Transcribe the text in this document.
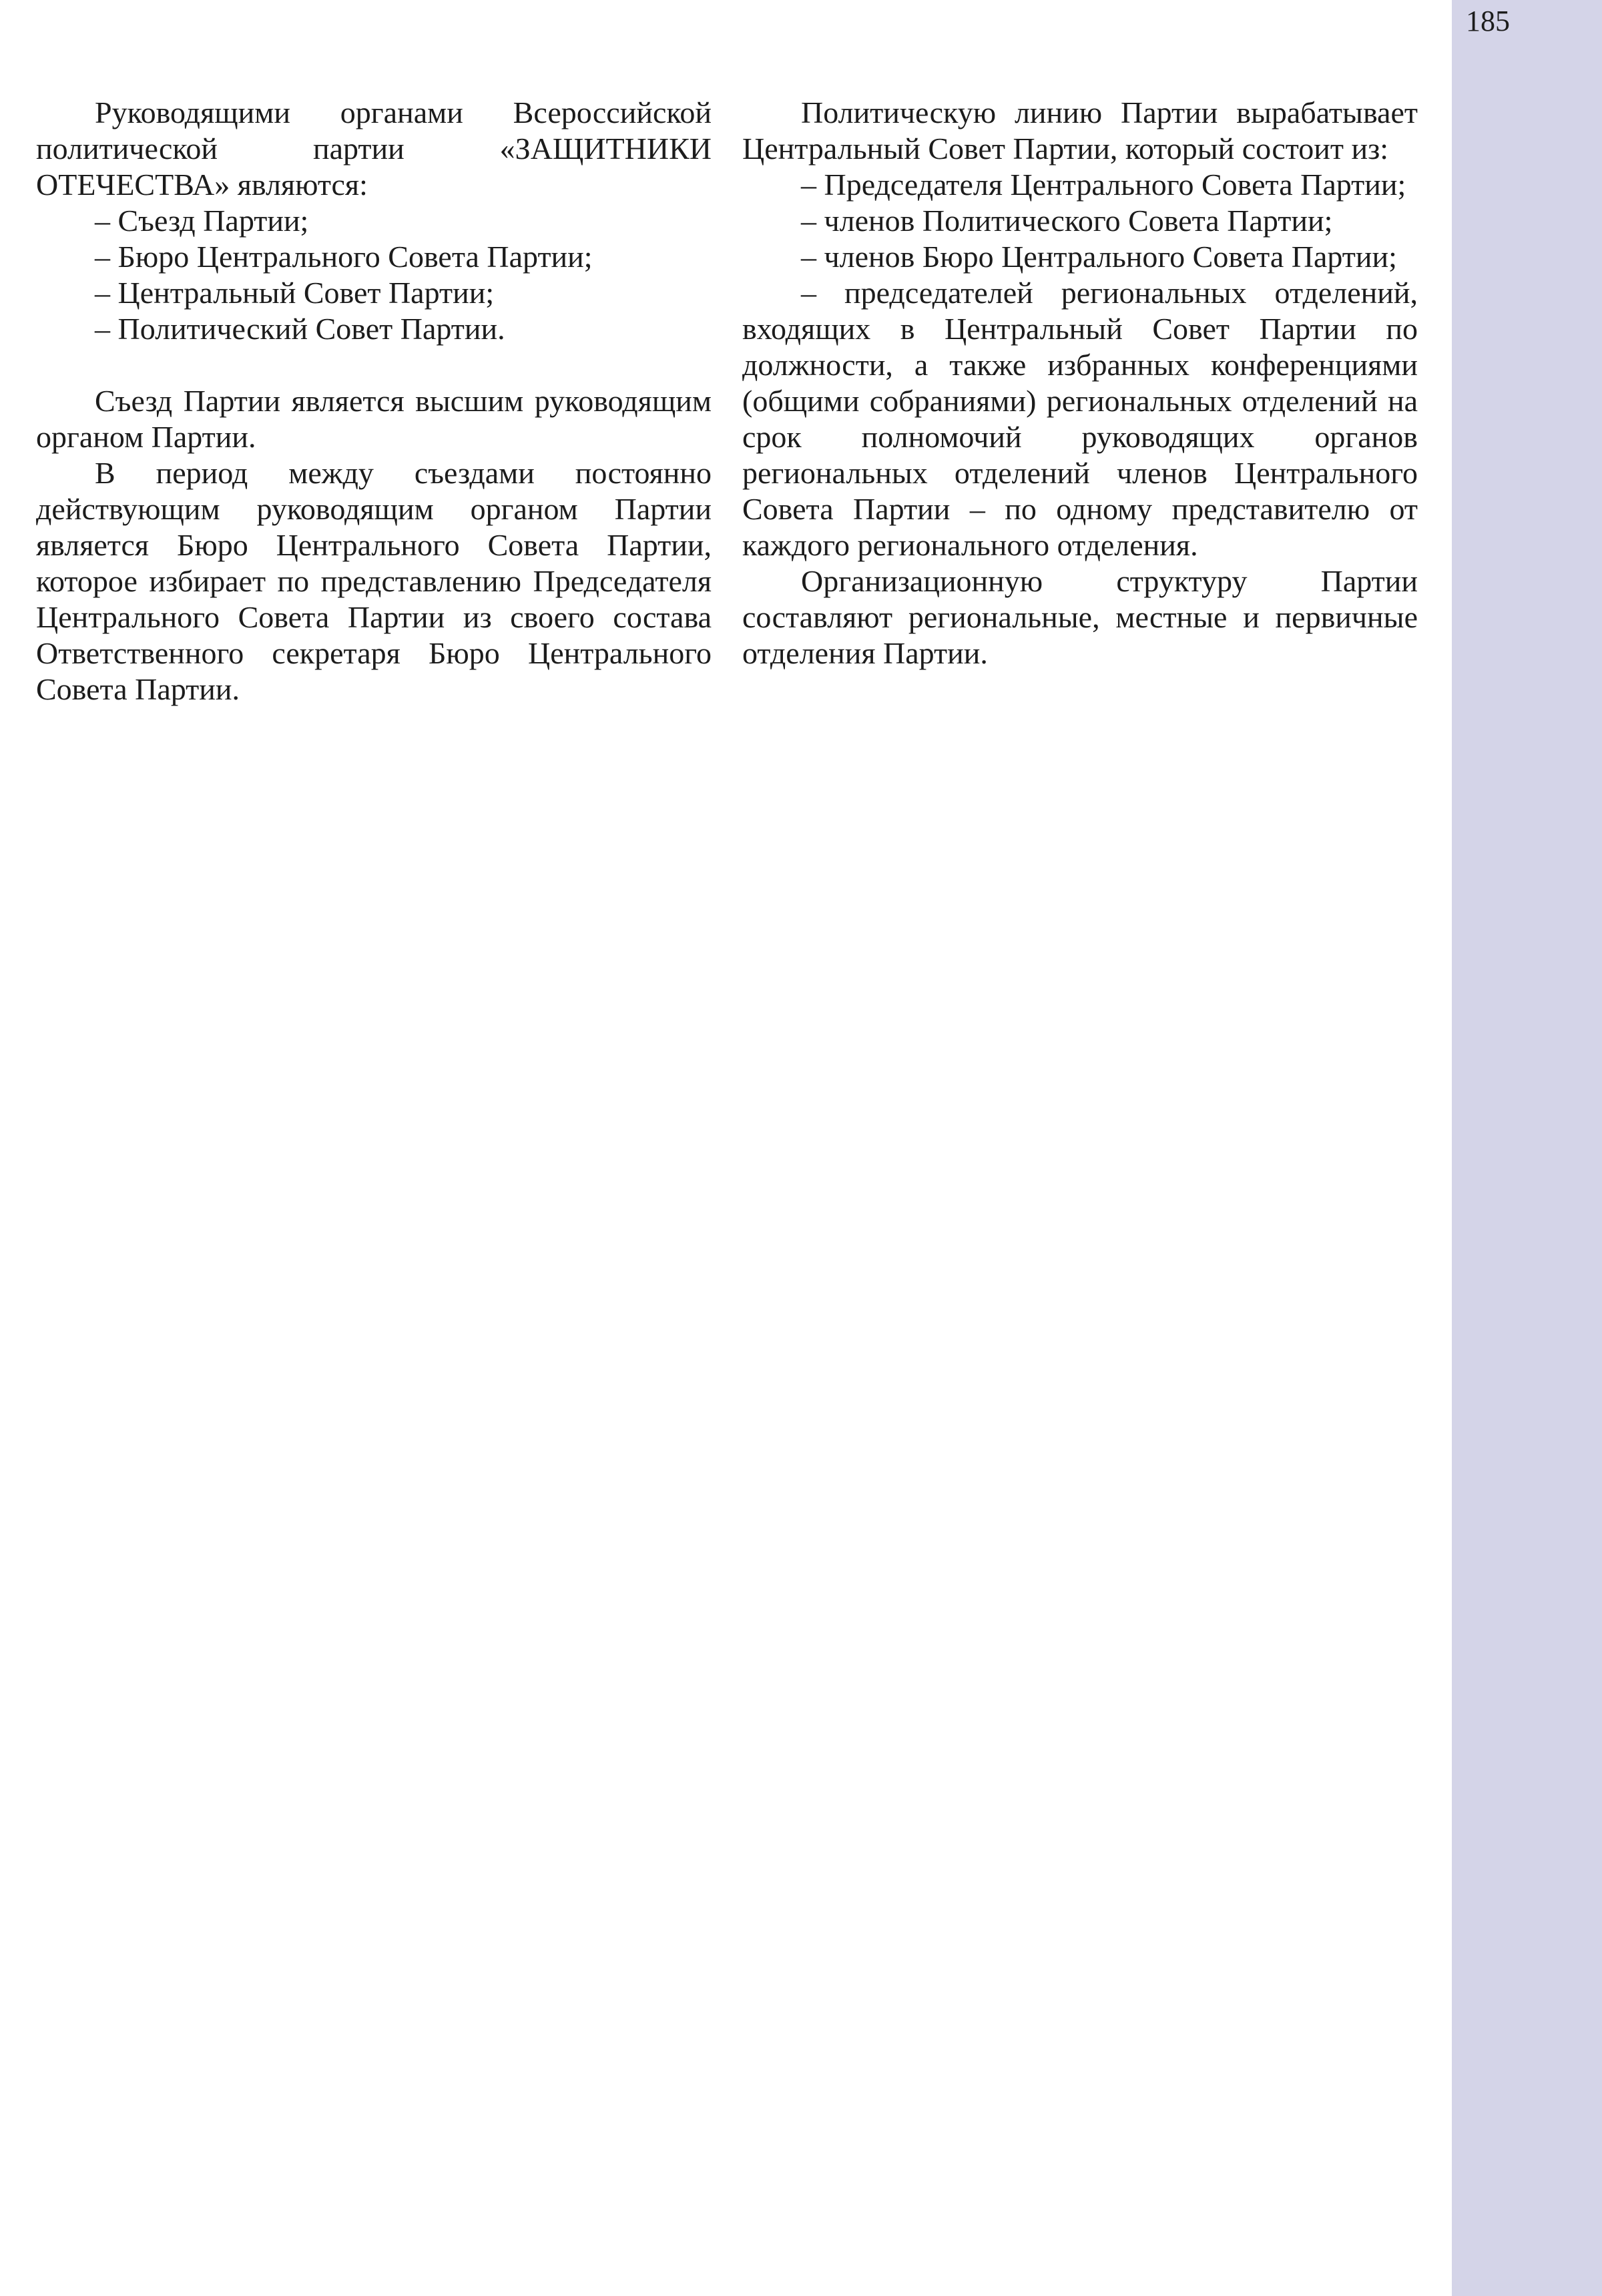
185

Руководящими органами Всероссийской политической партии «ЗАЩИТНИКИ ОТЕЧЕСТВА» являются:

– Съезд Партии;

– Бюро Центрального Совета Партии;

– Центральный Совет Партии;

– Политический Совет Партии.

Съезд Партии является высшим руководящим органом Партии.

В период между съездами постоянно действующим руководящим органом Партии является Бюро Центрального Совета Партии, которое избирает по представлению Председателя Центрального Совета Партии из своего состава Ответственного секретаря Бюро Центрального Совета Партии.

Политическую линию Партии вырабатывает Центральный Совет Партии, который состоит из:

– Председателя Центрального Совета Партии;

– членов Политического Совета Партии;

– членов Бюро Центрального Совета Партии;

– председателей региональных отделений, входящих в Центральный Совет Партии по должности, а также избранных конференциями (общими собраниями) региональных отделений на срок полномочий руководящих органов региональных отделений членов Центрального Совета Партии – по одному представителю от каждого регионального отделения.

Организационную структуру Партии составляют региональные, местные и первичные отделения Партии.
